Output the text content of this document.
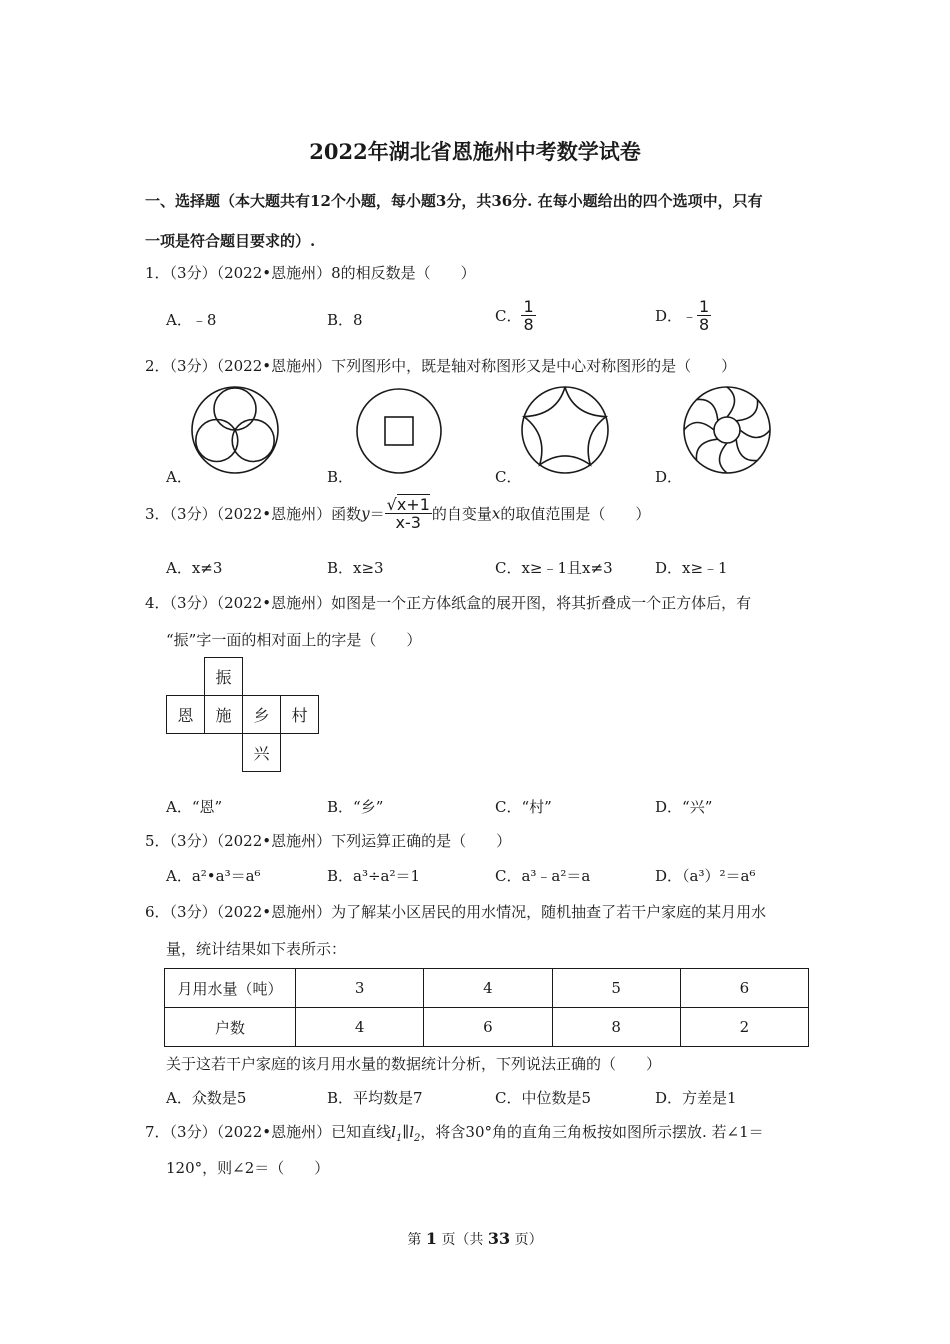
2022年湖北省恩施州中考数学试卷
一、选择题（本大题共有12个小题，每小题3分，共36分. 在每小题给出的四个选项中，只有
一项是符合题目要求的）.
1．（3分）（2022•恩施州）8的相反数是（　　）
A．﹣8	B．8	C． $\frac{1}{8}$	D．﹣ $\frac{1}{8}$
2．（3分）（2022•恩施州）下列图形中，既是轴对称图形又是中心对称图形的是（　　）
A．	B．	C．	D．
3．（3分）（2022•恩施州）函数$y= \frac{√x+1}{x-3}$ 的自变量x的取值范围是（　　）
A．x≠3	B．x≥3	C．x≥﹣1且x≠3	D．x≥﹣1
4．（3分）（2022•恩施州）如图是一个正方体纸盒的展开图，将其折叠成一个正方体后，有
“振”字一面的相对面上的字是（　　）
	振		
恩	施	乡	村
		兴	
A．“恩”	B．“乡”	C．“村”	D．“兴”
5．（3分）（2022•恩施州）下列运算正确的是（　　）
A．a²•a³＝a⁶	B．a³÷a²＝1	C．a³﹣a²＝a	D．（a³）²＝a⁶
6．（3分）（2022•恩施州）为了解某小区居民的用水情况，随机抽查了若干户家庭的某月用水
量，统计结果如下表所示：
月用水量（吨）	3	4	5	6
户数	4	6	8	2
关于这若干户家庭的该月用水量的数据统计分析，下列说法正确的（　　）
A．众数是5	B．平均数是7	C．中位数是5	D．方差是1
7．（3分）（2022•恩施州）已知直线$l_1\parallel l_2$，将含30°角的直角三角板按如图所示摆放. 若∠1＝
120°，则∠2＝（　　）
第 1 页（共 33 页）
